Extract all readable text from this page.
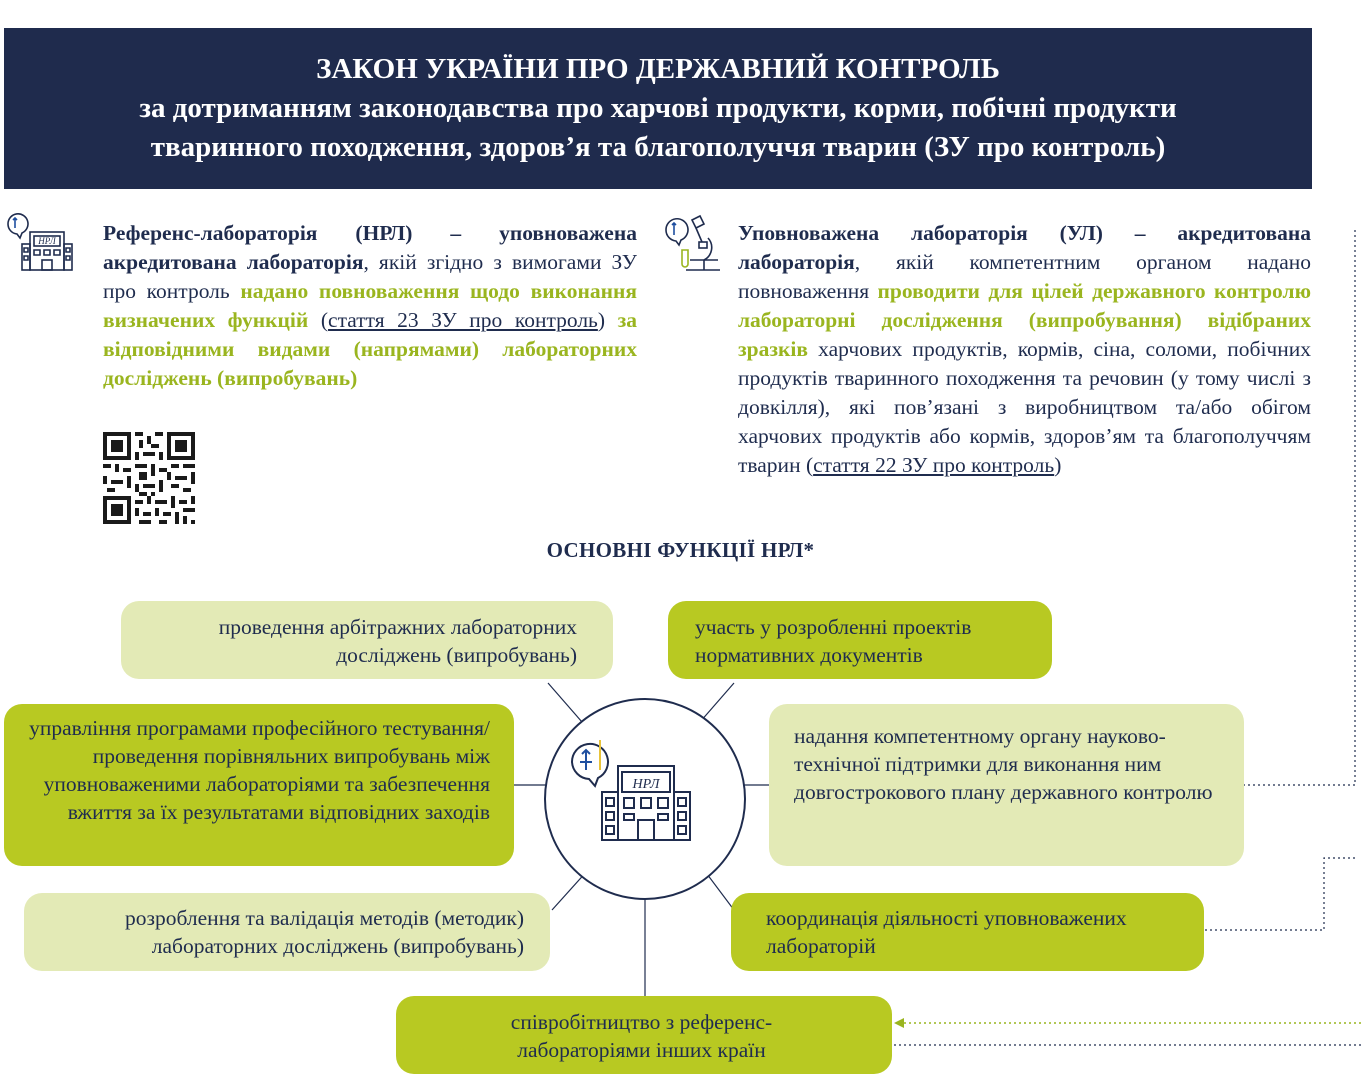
ЗАКОН УКРАЇНИ ПРО ДЕРЖАВНИЙ КОНТРОЛЬ
за дотриманням законодавства про харчові продукти, корми, побічні продукти
тваринного походження, здоров’я та благополуччя тварин (ЗУ про контроль)
НРЛ Референс-лабораторія (НРЛ) – уповноважена акредитована лабораторія, якій згідно з вимогами ЗУ про контроль надано повноваження щодо виконання визначених функцій (стаття 23 ЗУ про контроль) за відповідними видами (напрямами) лабораторних досліджень (випробувань)
Уповноважена лабораторія (УЛ) – акредитована лабораторія, якій компетентним органом надано повноваження проводити для цілей державного контролю лабораторні дослідження (випробування) відібраних зразків харчових продуктів, кормів, сіна, соломи, побічних продуктів тваринного походження та речовин (у тому числі з довкілля), які пов’язані з виробництвом та/або обігом харчових продуктів або кормів, здоров’ям та благополуччям тварин (стаття 22 ЗУ про контроль)
ОСНОВНІ ФУНКЦІЇ НРЛ*
проведення арбітражних лабораторних досліджень (випробувань)
участь у розробленні проектів нормативних документів
управління програмами професійного тестування/ проведення порівняльних випробувань між уповноваженими лабораторіями та забезпечення вжиття за їх результатами відповідних заходів
надання компетентному органу науково-технічної підтримки для виконання ним довгострокового плану державного контролю
розроблення та валідація методів (методик) лабораторних досліджень (випробувань)
координація діяльності уповноважених лабораторій
співробітництво з референс-лабораторіями інших країн
НРЛ
